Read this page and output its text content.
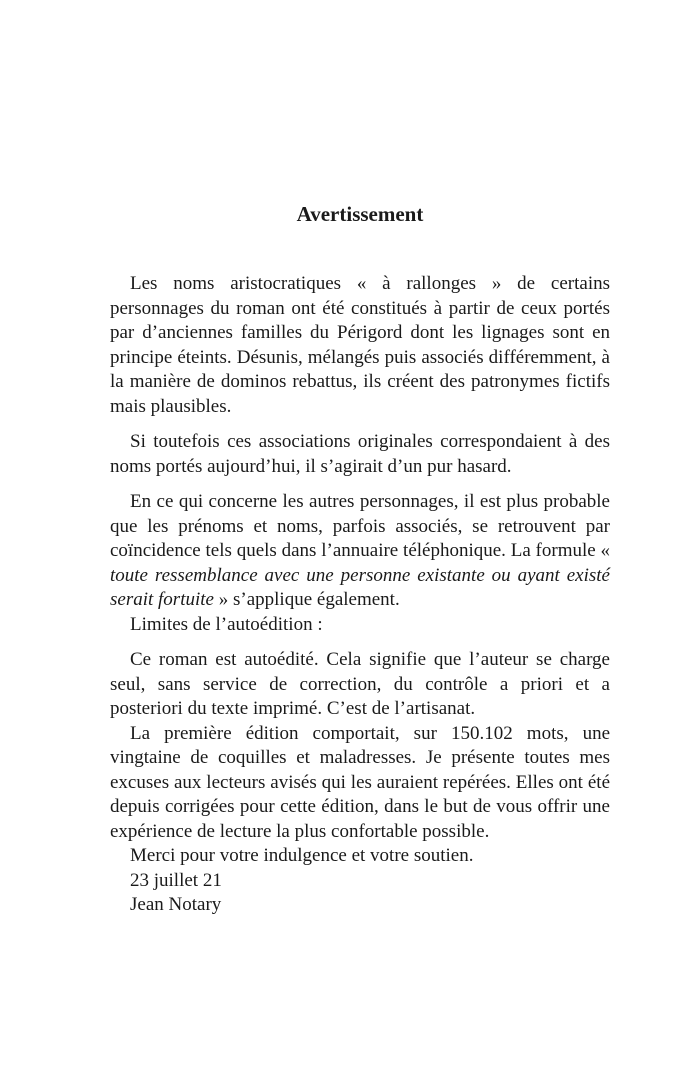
Avertissement

Les noms aristocratiques « à rallonges » de certains personnages du roman ont été constitués à partir de ceux portés par d’anciennes familles du Périgord dont les lignages sont en principe éteints. Désunis, mélangés puis associés différemment, à la manière de dominos rebattus, ils créent des patronymes fictifs mais plausibles.

Si toutefois ces associations originales correspondaient à des noms portés aujourd’hui, il s’agirait d’un pur hasard.

En ce qui concerne les autres personnages, il est plus probable que les prénoms et noms, parfois associés, se retrouvent par coïncidence tels quels dans l’annuaire téléphonique. La formule « toute ressemblance avec une personne existante ou ayant existé serait fortuite » s’applique également.

Limites de l’autoédition :

Ce roman est autoédité. Cela signifie que l’auteur se charge seul, sans service de correction, du contrôle a priori et a posteriori du texte imprimé. C’est de l’artisanat.

La première édition comportait, sur 150.102 mots, une vingtaine de coquilles et maladresses. Je présente toutes mes excuses aux lecteurs avisés qui les auraient repérées. Elles ont été depuis corrigées pour cette édition, dans le but de vous offrir une expérience de lecture la plus confortable possible.

Merci pour votre indulgence et votre soutien.

23 juillet 21

Jean Notary
